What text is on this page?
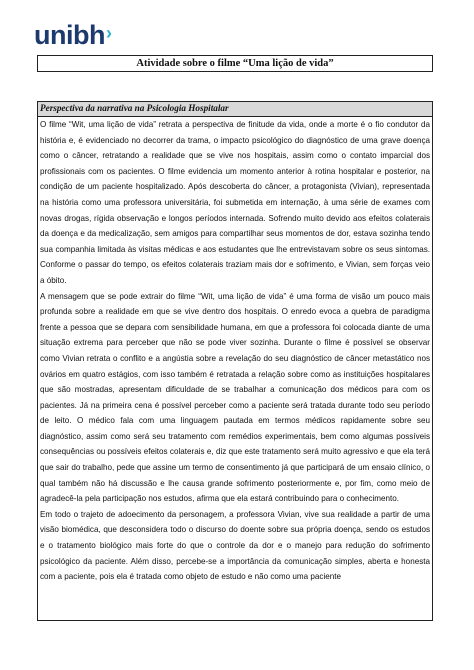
unibh›
Atividade sobre o filme “Uma lição de vida”
Perspectiva da narrativa na Psicologia Hospitalar

O filme “Wit, uma lição de vida” retrata a perspectiva de finitude da vida, onde a morte é o fio condutor da história e, é evidenciado no decorrer da trama, o impacto psicológico do diagnóstico de uma grave doença como o câncer, retratando a realidade que se vive nos hospitais, assim como o contato imparcial dos profissionais com os pacientes. O filme evidencia um momento anterior à rotina hospitalar e posterior, na condição de um paciente hospitalizado. Após descoberta do câncer, a protagonista (Vivian), representada na história como uma professora universitária, foi submetida em internação, à uma série de exames com novas drogas, rígida observação e longos períodos internada. Sofrendo muito devido aos efeitos colaterais da doença e da medicalização, sem amigos para compartilhar seus momentos de dor, estava sozinha tendo sua companhia limitada às visitas médicas e aos estudantes que lhe entrevistavam sobre os seus sintomas. Conforme o passar do tempo, os efeitos colaterais traziam mais dor e sofrimento, e Vivian, sem forças veio a óbito.

A mensagem que se pode extrair do filme “Wit, uma lição de vida” é uma forma de visão um pouco mais profunda sobre a realidade em que se vive dentro dos hospitais. O enredo evoca a quebra de paradigma frente a pessoa que se depara com sensibilidade humana, em que a professora foi colocada diante de uma situação extrema para perceber que não se pode viver sozinha. Durante o filme é possível se observar como Vivian retrata o conflito e a angústia sobre a revelação do seu diagnóstico de câncer metastático nos ovários em quatro estágios, com isso também é retratada a relação sobre como as instituições hospitalares que são mostradas, apresentam dificuldade de se trabalhar a comunicação dos médicos para com os pacientes. Já na primeira cena é possível perceber como a paciente será tratada durante todo seu período de leito. O médico fala com uma linguagem pautada em termos médicos rapidamente sobre seu diagnóstico, assim como será seu tratamento com remédios experimentais, bem como algumas possíveis consequências ou possíveis efeitos colaterais e, diz que este tratamento será muito agressivo e que ela terá que sair do trabalho, pede que assine um termo de consentimento já que participará de um ensaio clínico, o qual também não há discussão e lhe causa grande sofrimento posteriormente e, por fim, como meio de agradecê-la pela participação nos estudos, afirma que ela estará contribuindo para o conhecimento.

Em todo o trajeto de adoecimento da personagem, a professora Vivian, vive sua realidade a partir de uma visão biomédica, que desconsidera todo o discurso do doente sobre sua própria doença, sendo os estudos e o tratamento biológico mais forte do que o controle da dor e o manejo para redução do sofrimento psicológico da paciente. Além disso, percebe-se a importância da comunicação simples, aberta e honesta com a paciente, pois ela é tratada como objeto de estudo e não como uma paciente
